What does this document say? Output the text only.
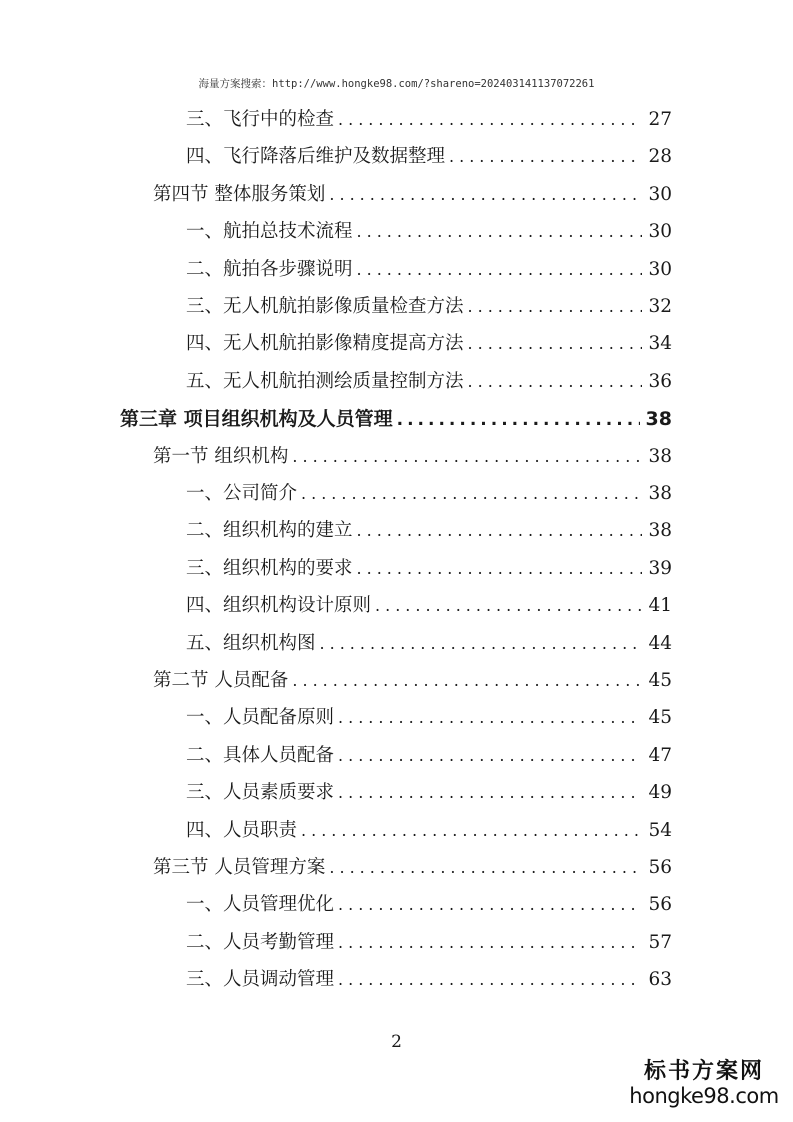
海量方案搜索：http://www.hongke98.com/?shareno=202403141137072261
三、飞行中的检查 .....	27
四、飞行降落后维护及数据整理 .....	28
第四节 整体服务策划 .....	30
一、航拍总技术流程 .....	30
二、航拍各步骤说明 .....	30
三、无人机航拍影像质量检查方法 .....	32
四、无人机航拍影像精度提高方法 .....	34
五、无人机航拍测绘质量控制方法 .....	36
第三章 项目组织机构及人员管理 .....	38
第一节 组织机构 .....	38
一、公司简介 .....	38
二、组织机构的建立 .....	38
三、组织机构的要求 .....	39
四、组织机构设计原则 .....	41
五、组织机构图 .....	44
第二节 人员配备 .....	45
一、人员配备原则 .....	45
二、具体人员配备 .....	47
三、人员素质要求 .....	49
四、人员职责 .....	54
第三节 人员管理方案 .....	56
一、人员管理优化 .....	56
二、人员考勤管理 .....	57
三、人员调动管理 .....	63
2
标书方案网
hongke98.com
